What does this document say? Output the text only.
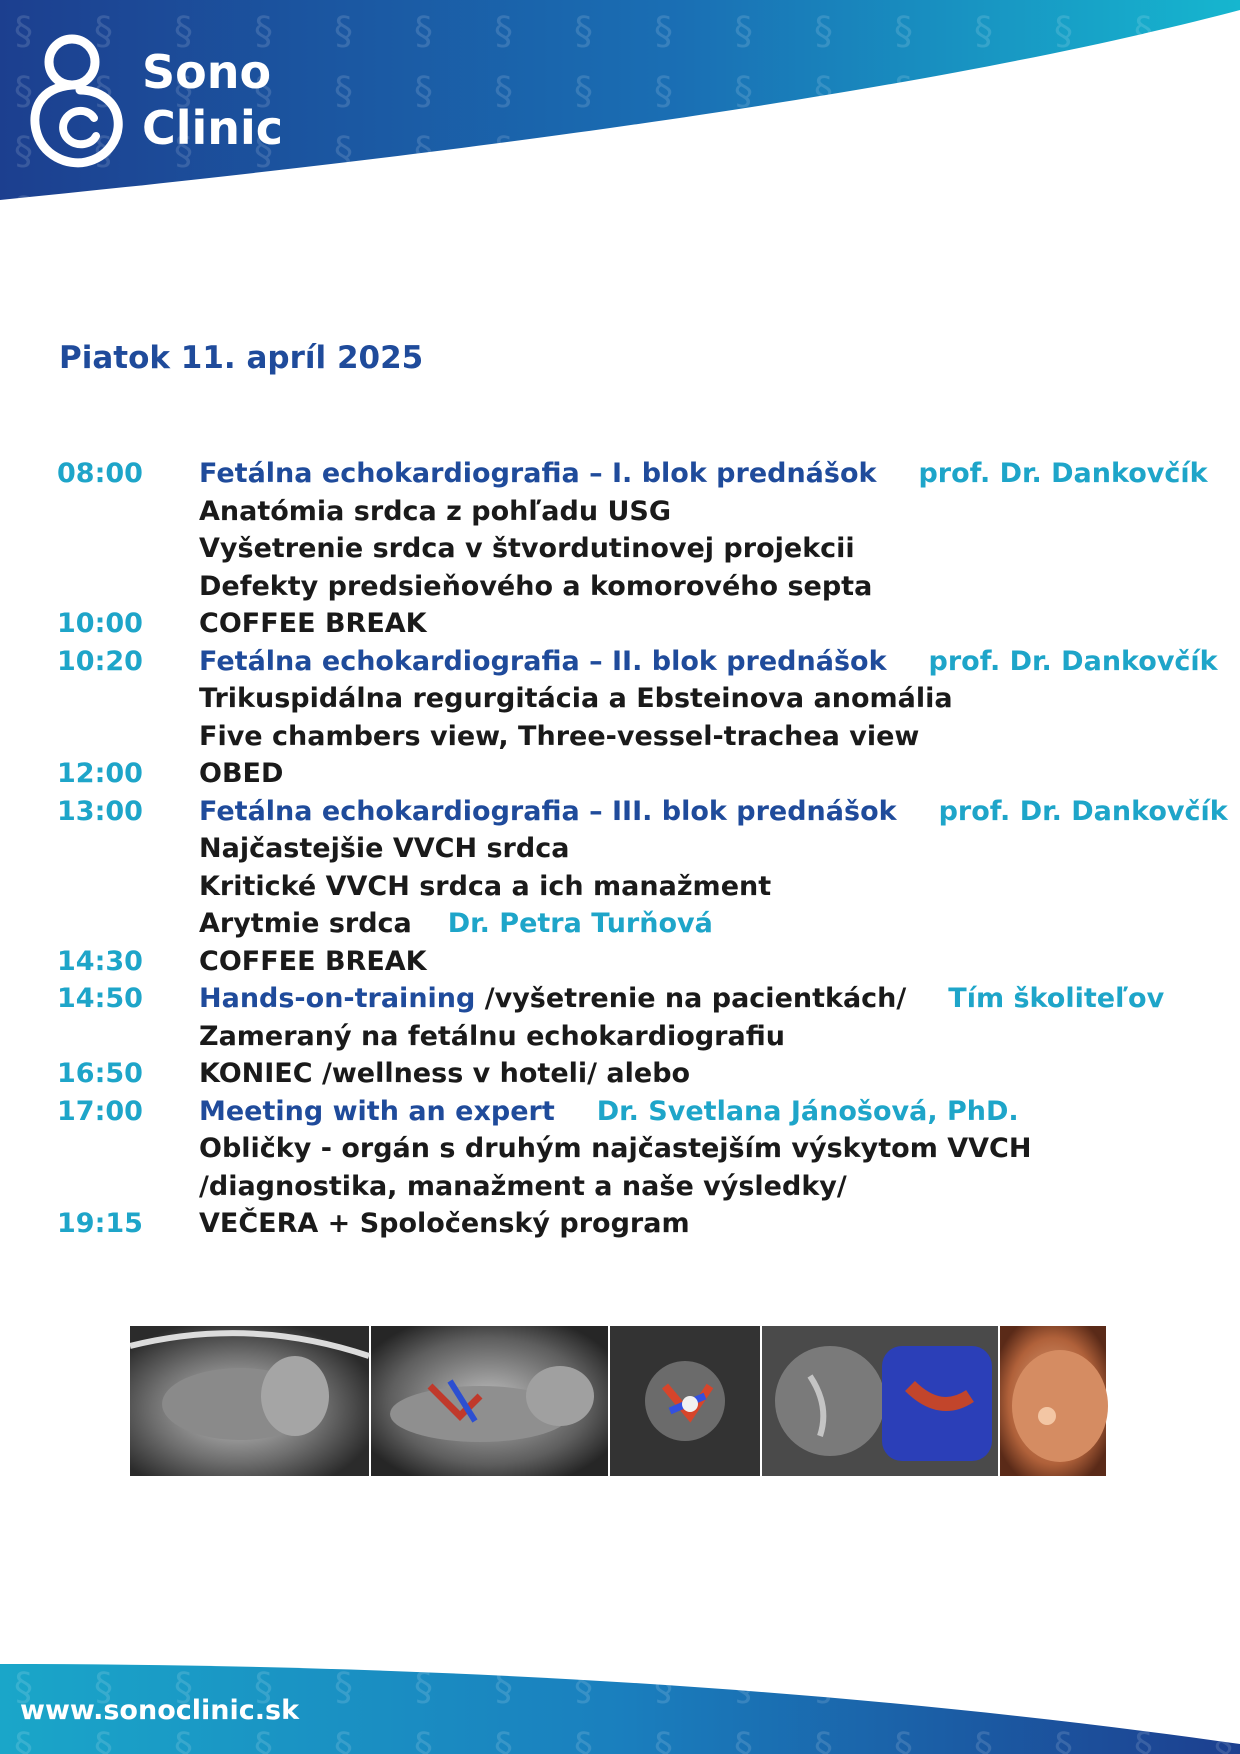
Sono
Clinic
Piatok 11. apríl 2025
08:00	Fetálna echokardiografia – I. blok prednášok prof. Dr. Dankovčík
Anatómia srdca z pohľadu USG
Vyšetrenie srdca v štvordutinovej projekcii
Defekty predsieňového a komorového septa
10:00	COFFEE BREAK
10:20	Fetálna echokardiografia – II. blok prednášok prof. Dr. Dankovčík
Trikuspidálna regurgitácia a Ebsteinova anomália
Five chambers view, Three-vessel-trachea view
12:00	OBED
13:00	Fetálna echokardiografia – III. blok prednášok prof. Dr. Dankovčík
Najčastejšie VVCH srdca
Kritické VVCH srdca a ich manažment
Arytmie srdca Dr. Petra Turňová
14:30	COFFEE BREAK
14:50	Hands-on-training /vyšetrenie na pacientkách/ Tím školiteľov
Zameraný na fetálnu echokardiografiu
16:50	KONIEC /wellness v hoteli/ alebo
17:00	Meeting with an expert Dr. Svetlana Jánošová, PhD.
Obličky - orgán s druhým najčastejším výskytom VVCH
/diagnostika, manažment a naše výsledky/
19:15	VEČERA + Spoločenský program
www.sonoclinic.sk
